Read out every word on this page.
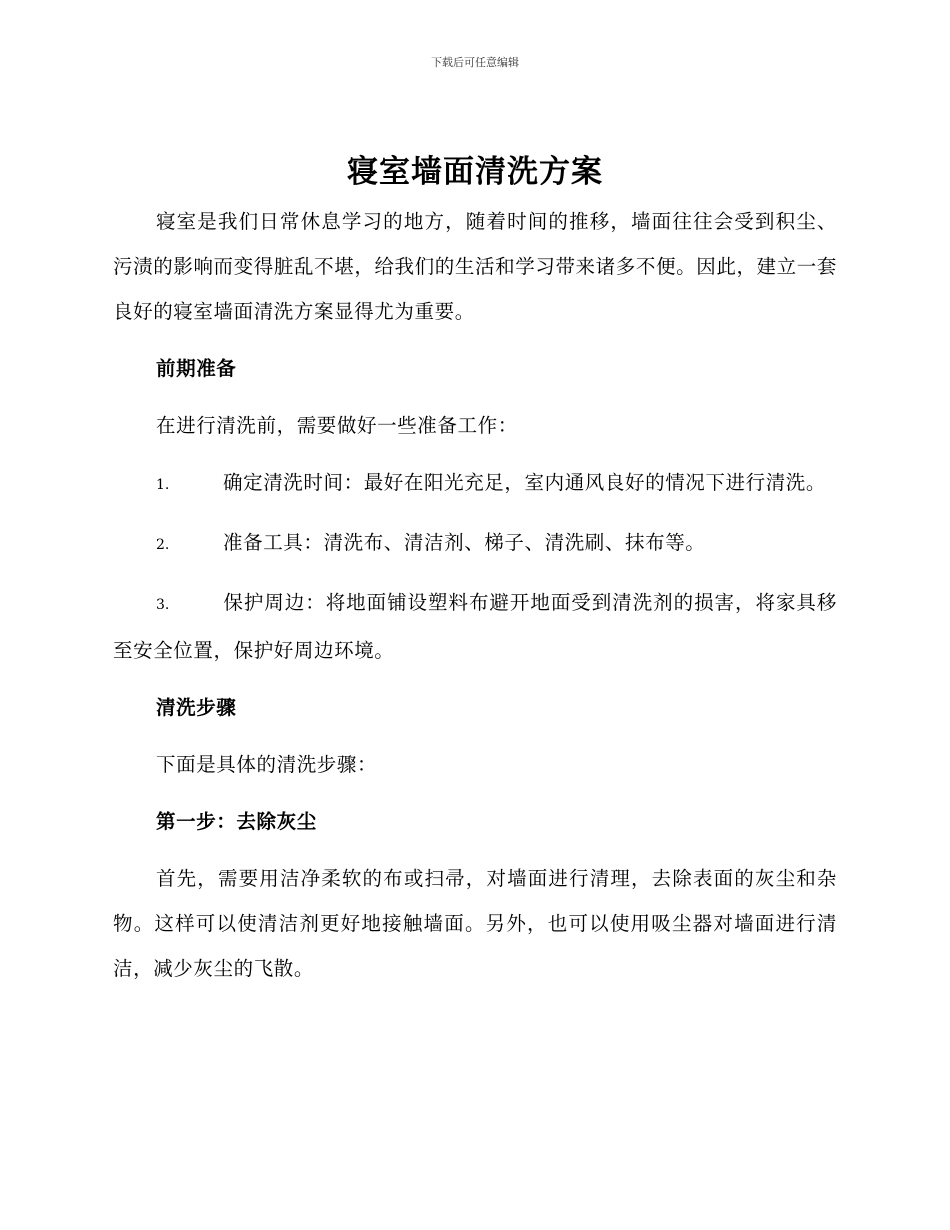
下载后可任意编辑
寝室墙面清洗方案

寝室是我们日常休息学习的地方，随着时间的推移，墙面往往会受到积尘、污渍的影响而变得脏乱不堪，给我们的生活和学习带来诸多不便。因此，建立一套良好的寝室墙面清洗方案显得尤为重要。

前期准备

在进行清洗前，需要做好一些准备工作：

1.	确定清洗时间：最好在阳光充足，室内通风良好的情况下进行清洗。

2.	准备工具：清洗布、清洁剂、梯子、清洗刷、抹布等。

3.	保护周边：将地面铺设塑料布避开地面受到清洗剂的损害，将家具移至安全位置，保护好周边环境。

清洗步骤

下面是具体的清洗步骤：

第一步：去除灰尘

首先，需要用洁净柔软的布或扫帚，对墙面进行清理，去除表面的灰尘和杂物。这样可以使清洁剂更好地接触墙面。另外，也可以使用吸尘器对墙面进行清洁，减少灰尘的飞散。
